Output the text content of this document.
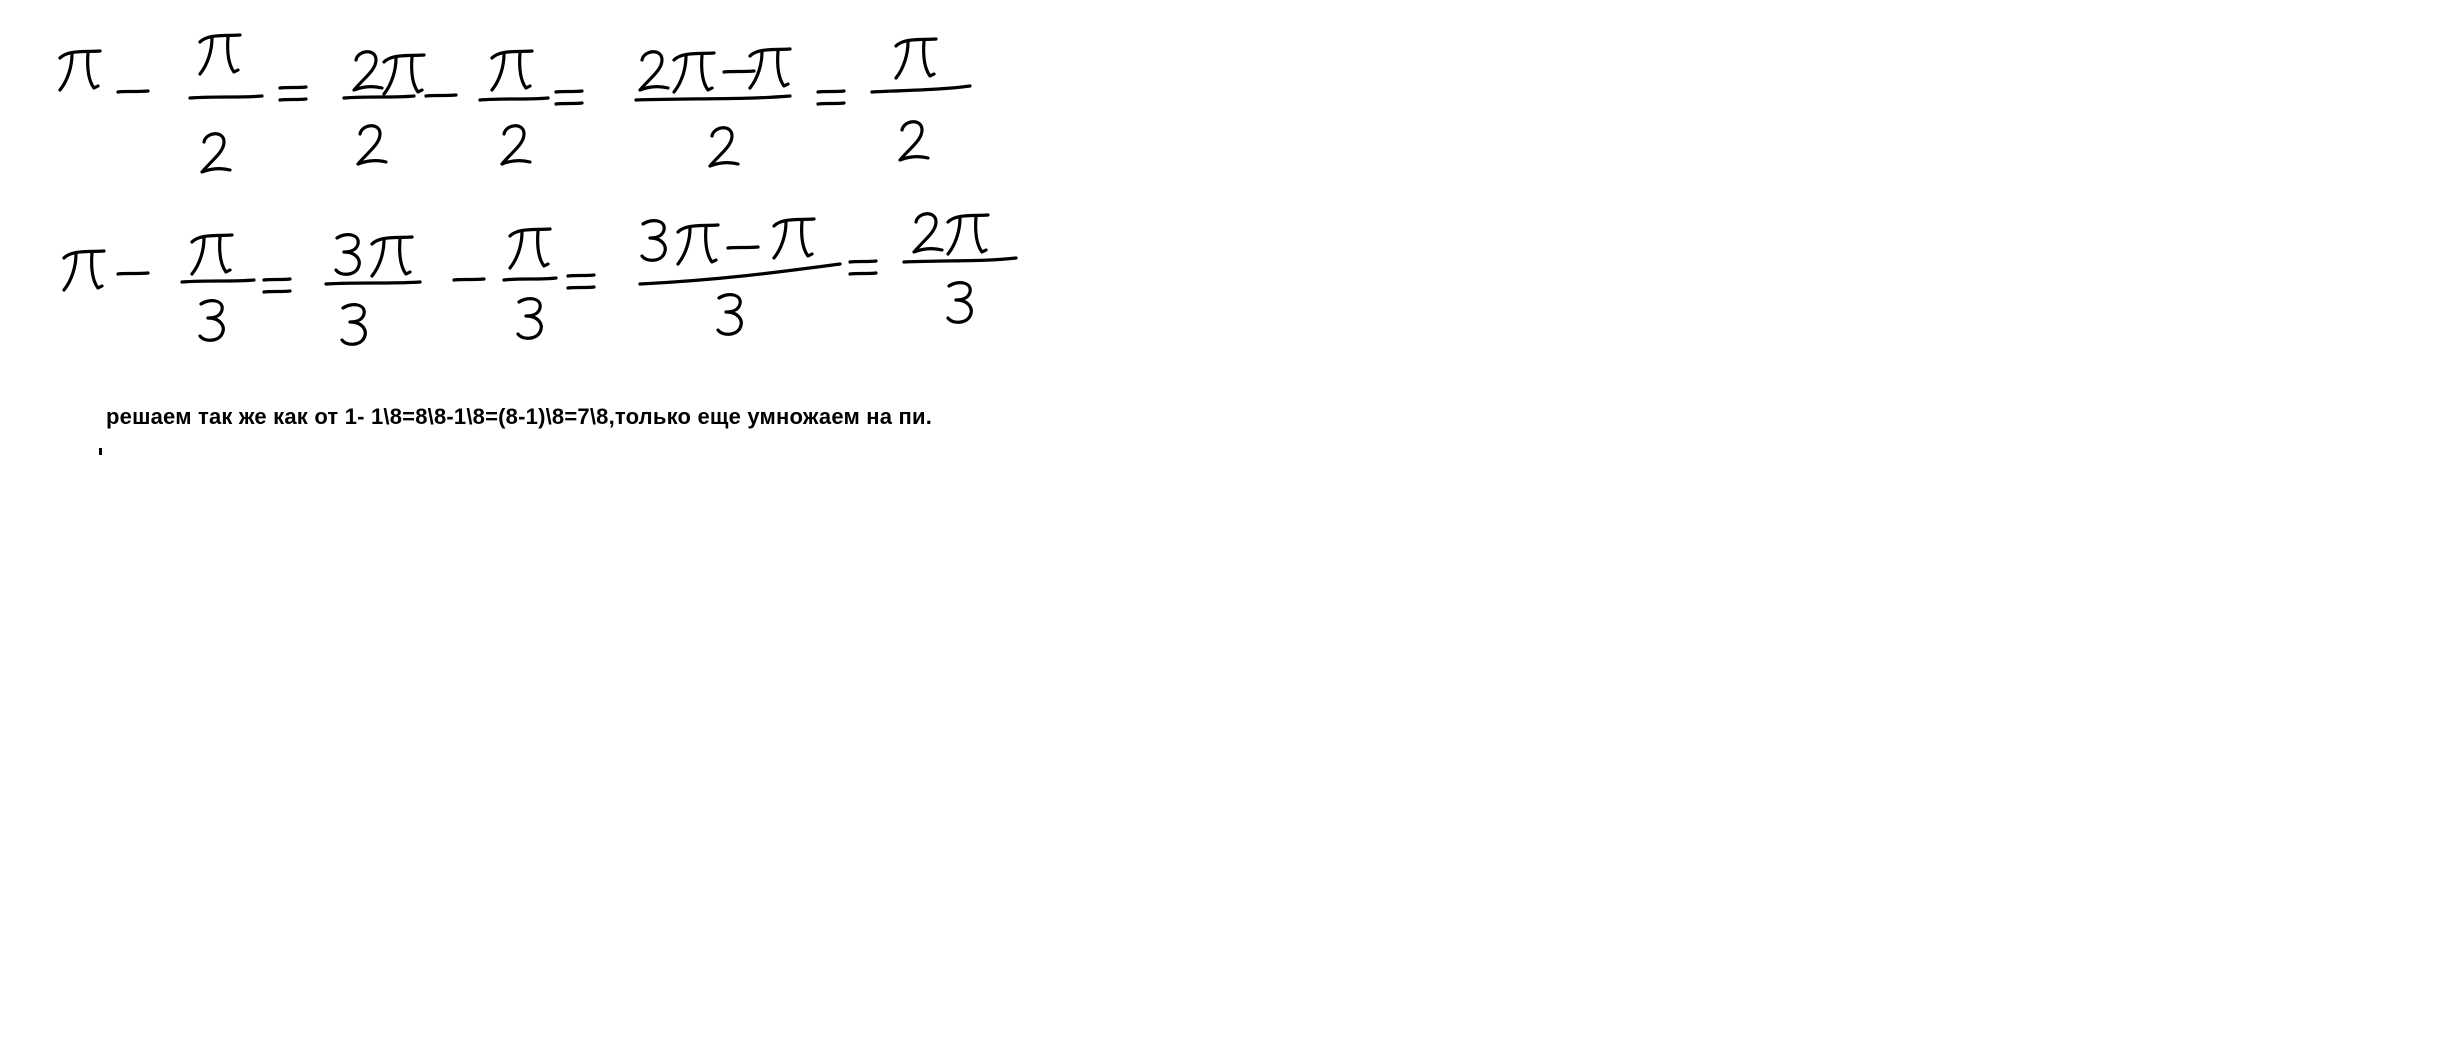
решаем так же как от 1- 1\8=8\8-1\8=(8-1)\8=7\8,только еще умножаем на пи.
